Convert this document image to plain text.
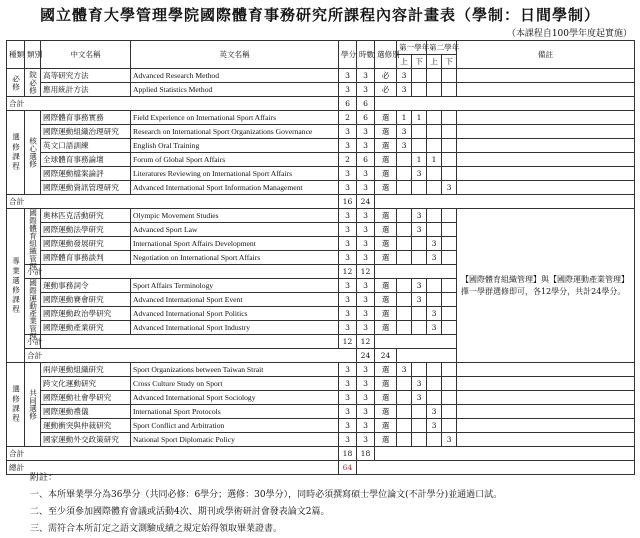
國立體育大學管理學院國際體育事務研究所課程內容計畫表（學制：日間學制）
（本課程自100學年度起實施）
種類	類別	中文名稱	英文名稱	學分	時數	選修別	第一學年		第二學年		備註
							上	下	上	下	
必修	院必修	高等研究方法	Advanced Research Method	3	3	必	3				
		應用統計方法	Applied Statistics Method	3	3	必	3				
合計				6	6						
選修課程	核心選修	國際體育事務實務	Field Experience on International Sport Affairs	2	6	選	1	1			
		國際運動組織治理研究	Research on International Sport Organizations Governance	3	3	選	3				
		英文口語訓練	English Oral Training	3	3	選	3				
		全球體育事務論壇	Forum of Global Sport Affairs	2	6	選		1	1		
		國際運動檔案論評	Literatures Reviewing on International Sport Affairs	3	3	選		3			
		國際運動資訊管理研究	Advanced International Sport Information Management	3	3	選				3	
合計				16	24						
專業選修課程	國際體育組織管理	奧林匹克活動研究	Olympic Movement Studies	3	3	選		3			【國際體育組織管理】與【國際運動產業管理】擇一學群選修即可，各12學分，共計24學分。
		國際運動法學研究	Advanced Sport Law	3	3	選		3			
		國際運動發展研究	International Sport Affairs Development	3	3	選			3		
		國際體育事務談判	Negotiation on International Sport Affairs	3	3	選			3		
	小計			12	12						
	國際運動產業管理	運動事務詞令	Sport Affairs Terminology	3	3	選		3			
		國際運動賽會研究	Advanced International Sport Event	3	3	選		3			
		國際運動政治學研究	Advanced International Sport Politics	3	3	選			3		
		國際運動產業研究	Advanced International Sport Industry	3	3	選			3		
	小計			12	12						
	合計				24	24					
選修課程	共同選修	兩岸運動組織研究	Sport Organizations between Taiwan Strait	3	3	選	3				
		跨文化運動研究	Cross Culture Study on Sport	3	3	選		3			
		國際運動社會學研究	Advanced International Sport Sociology	3	3	選		3			
		國際運動禮儀	International Sport Protocols	3	3	選			3		
		運動衝突與仲裁研究	Sport Conflict and Arbitration	3	3	選			3		
		國家運動外交政策研究	National Sport Diplomatic Policy	3	3	選				3	
合計				18	18						
總計				64							
附註：
一、本所畢業學分為36學分（共同必修：6學分；選修：30學分），同時必須撰寫碩士學位論文(不計學分)並通過口試。
二、至少須參加國際體育會議或活動4次、期刊或學術研討會發表論文2篇。
三、需符合本所訂定之語文測驗成績之規定始得領取畢業證書。
